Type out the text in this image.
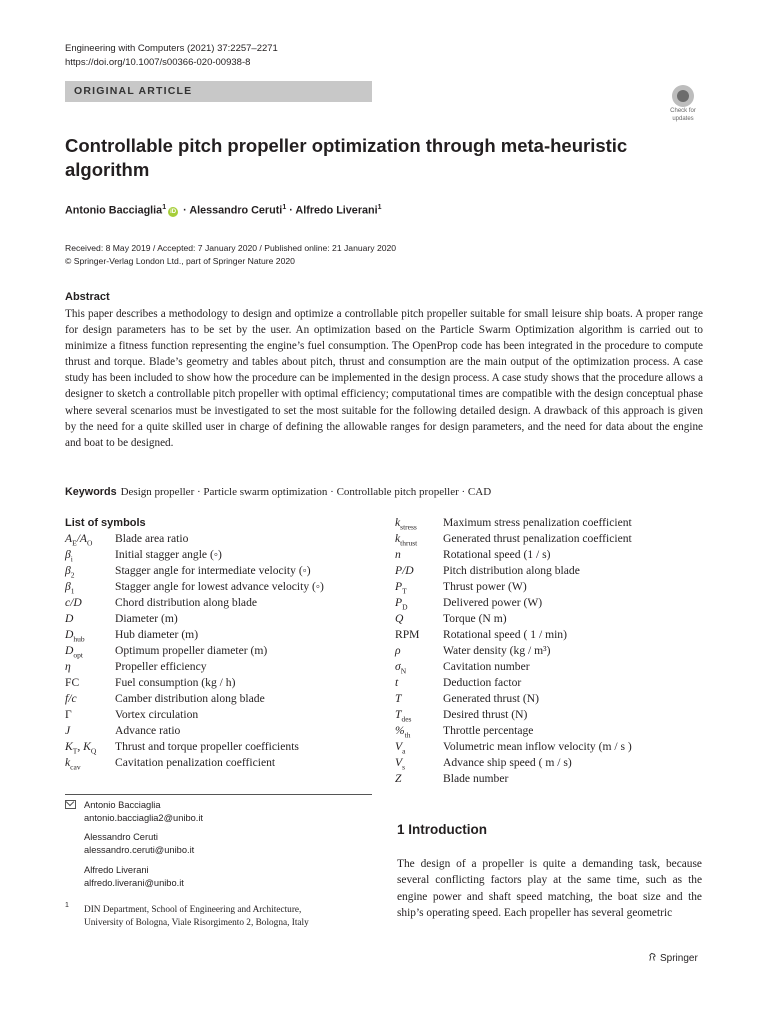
Engineering with Computers (2021) 37:2257–2271
https://doi.org/10.1007/s00366-020-00938-8
ORIGINAL ARTICLE
Check for
updates
Controllable pitch propeller optimization through meta-heuristic algorithm
Antonio Bacciaglia$^1$iD · Alessandro Ceruti$^1$ · Alfredo Liverani$^1$
Received: 8 May 2019 / Accepted: 7 January 2020 / Published online: 21 January 2020
© Springer-Verlag London Ltd., part of Springer Nature 2020
Abstract
This paper describes a methodology to design and optimize a controllable pitch propeller suitable for small leisure ship boats. A proper range for design parameters has to be set by the user. An optimization based on the Particle Swarm Optimization algorithm is carried out to minimize a fitness function representing the engine’s fuel consumption. The OpenProp code has been integrated in the procedure to compute thrust and torque. Blade’s geometry and tables about pitch, thrust and consumption are the main output of the optimization process. A case study has been included to show how the procedure can be implemented in the design process. A case study shows that the procedure allows a designer to sketch a controllable pitch propeller with optimal efficiency; computational times are compatible with the design conceptual phase where several scenarios must be investigated to set the most suitable for the following detailed design. A drawback of this approach is given by the need for a quite skilled user in charge of defining the allowable ranges for design parameters, and the need for data about the engine and boat to be designed.
Keywords Design propeller · Particle swarm optimization · Controllable pitch propeller · CAD
List of symbols
$A_E/A_O$ Blade area ratio
$\beta_i$	Initial stagger angle (◦)
$\beta_2$	Stagger angle for intermediate velocity (◦)
$\beta_1$	Stagger angle for lowest advance velocity (◦)
c/D	Chord distribution along blade
D	Diameter (m)
$D_{hub}$	Hub diameter (m)
$D_{opt}$	Optimum propeller diameter (m)
η	Propeller efficiency
FC	Fuel consumption (kg / h)
f/c	Camber distribution along blade
Γ	Vortex circulation
J	Advance ratio
$K_T$, $K_Q$ Thrust and torque propeller coefficients
$k_{cav}$	Cavitation penalization coefficient
$k_{stress}$ Maximum stress penalization coefficient
$k_{thrust}$ Generated thrust penalization coefficient
n	Rotational speed (1 / s)
P/D	Pitch distribution along blade
$P_T$	Thrust power (W)
$P_D$	Delivered power (W)
Q	Torque (N m)
RPM Rotational speed ( 1 / min)
ρ	Water density (kg / m³)
$\sigma_N$	Cavitation number
t	Deduction factor
T	Generated thrust (N)
$T_{des}$	Desired thrust (N)
$\%_{th}$	Throttle percentage
$V_a$	Volumetric mean inflow velocity (m / s )
$V_s$	Advance ship speed ( m / s)
Z	Blade number
Antonio Bacciaglia
antonio.bacciaglia2@unibo.it
Alessandro Ceruti
alessandro.ceruti@unibo.it
Alfredo Liverani
alfredo.liverani@unibo.it
1 DIN Department, School of Engineering and Architecture,
University of Bologna, Viale Risorgimento 2, Bologna, Italy
1 Introduction
The design of a propeller is quite a demanding task, because several conflicting factors play at the same time, such as the engine power and shaft speed matching, the boat size and the ship’s operating speed. Each propeller has several geometric
Springer
